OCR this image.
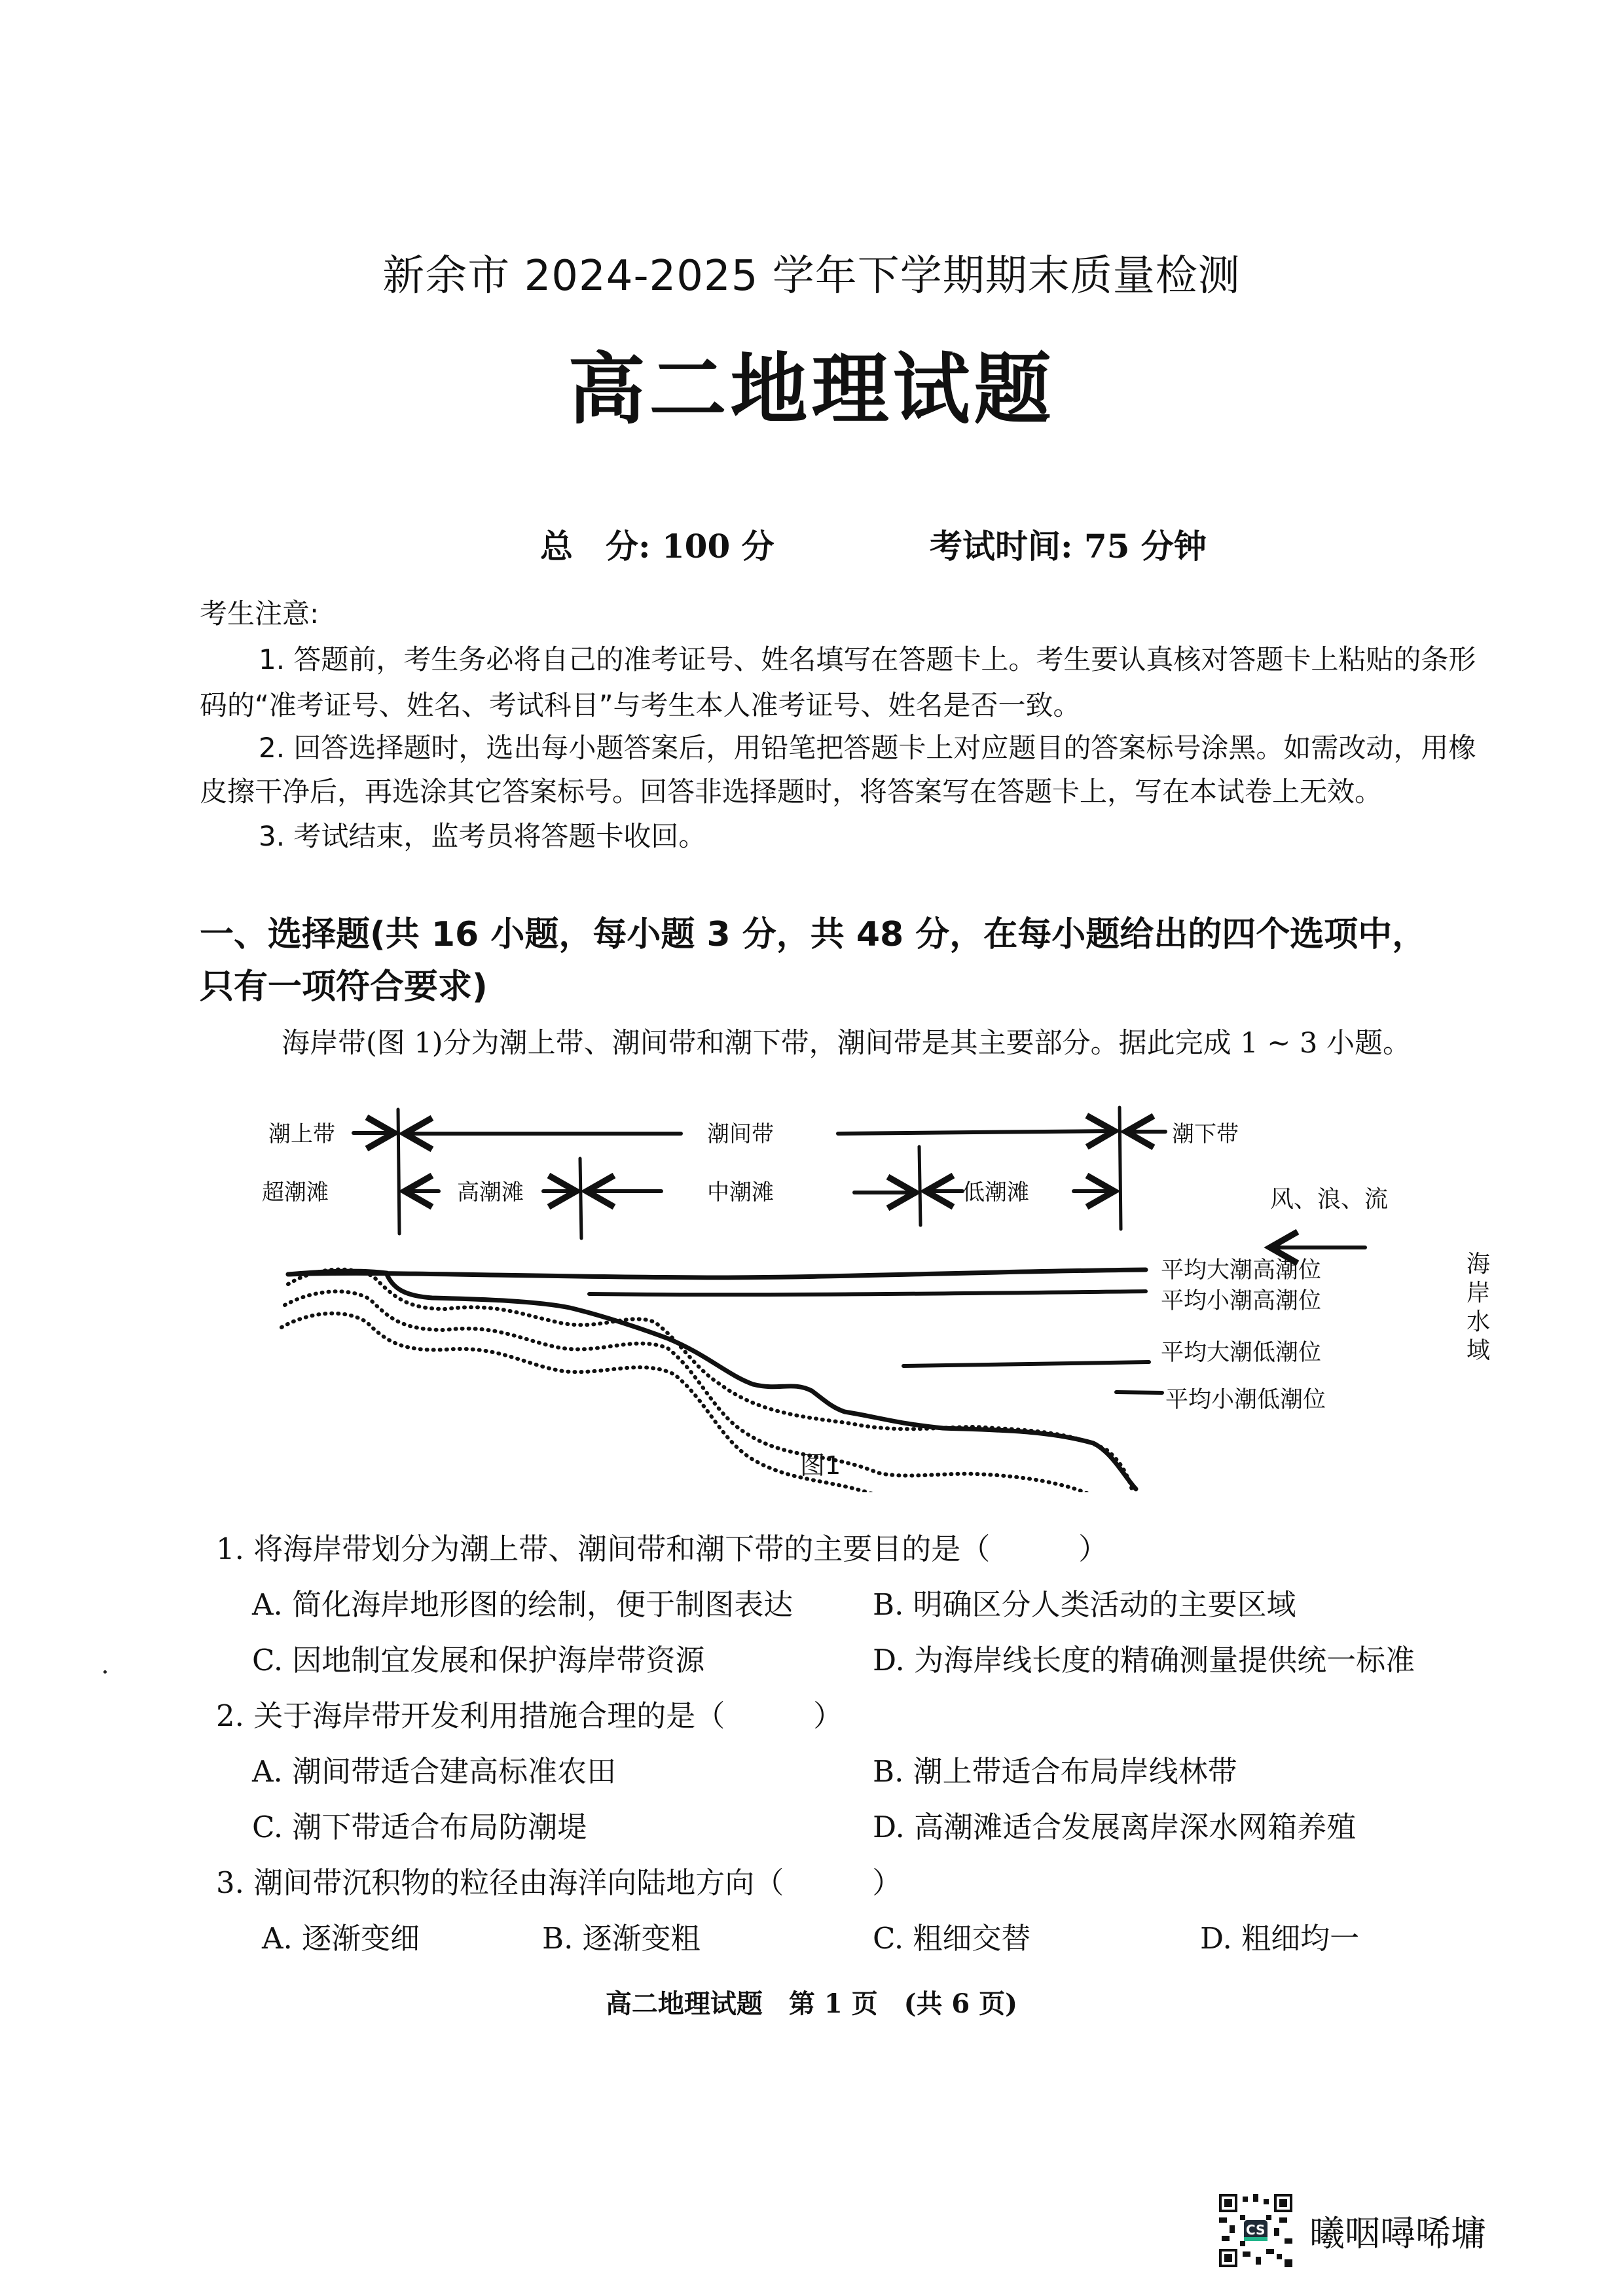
新余市 2024-2025 学年下学期期末质量检测
高二地理试题
总　分: 100 分	考试时间: 75 分钟
考生注意:
1. 答题前，考生务必将自己的准考证号、姓名填写在答题卡上。考生要认真核对答题卡上粘贴的条形
码的“准考证号、姓名、考试科目”与考生本人准考证号、姓名是否一致。
2. 回答选择题时，选出每小题答案后，用铅笔把答题卡上对应题目的答案标号涂黑。如需改动，用橡
皮擦干净后，再选涂其它答案标号。回答非选择题时，将答案写在答题卡上，写在本试卷上无效。
3. 考试结束，监考员将答题卡收回。
一、选择题(共 16 小题，每小题 3 分，共 48 分，在每小题给出的四个选项中，
只有一项符合要求)
海岸带(图 1)分为潮上带、潮间带和潮下带，潮间带是其主要部分。据此完成 1 ~ 3 小题。
潮上带	潮间带	潮下带
超潮滩	高潮滩	中潮滩	低潮滩	风、浪、流
平均大潮高潮位
平均小潮高潮位
平均大潮低潮位
平均小潮低潮位
图1
海岸水域
1. 将海岸带划分为潮上带、潮间带和潮下带的主要目的是（　　　）
A. 简化海岸地形图的绘制，便于制图表达	B. 明确区分人类活动的主要区域
C. 因地制宜发展和保护海岸带资源	D. 为海岸线长度的精确测量提供统一标准
2. 关于海岸带开发利用措施合理的是（　　　）
A. 潮间带适合建高标准农田	B. 潮上带适合布局岸线林带
C. 潮下带适合布局防潮堤	D. 高潮滩适合发展离岸深水网箱养殖
3. 潮间带沉积物的粒径由海洋向陆地方向（　　　）
A. 逐渐变细	B. 逐渐变粗	C. 粗细交替	D. 粗细均一
高二地理试题　第 1 页　(共 6 页)
CS 曦咽噚唏墉
